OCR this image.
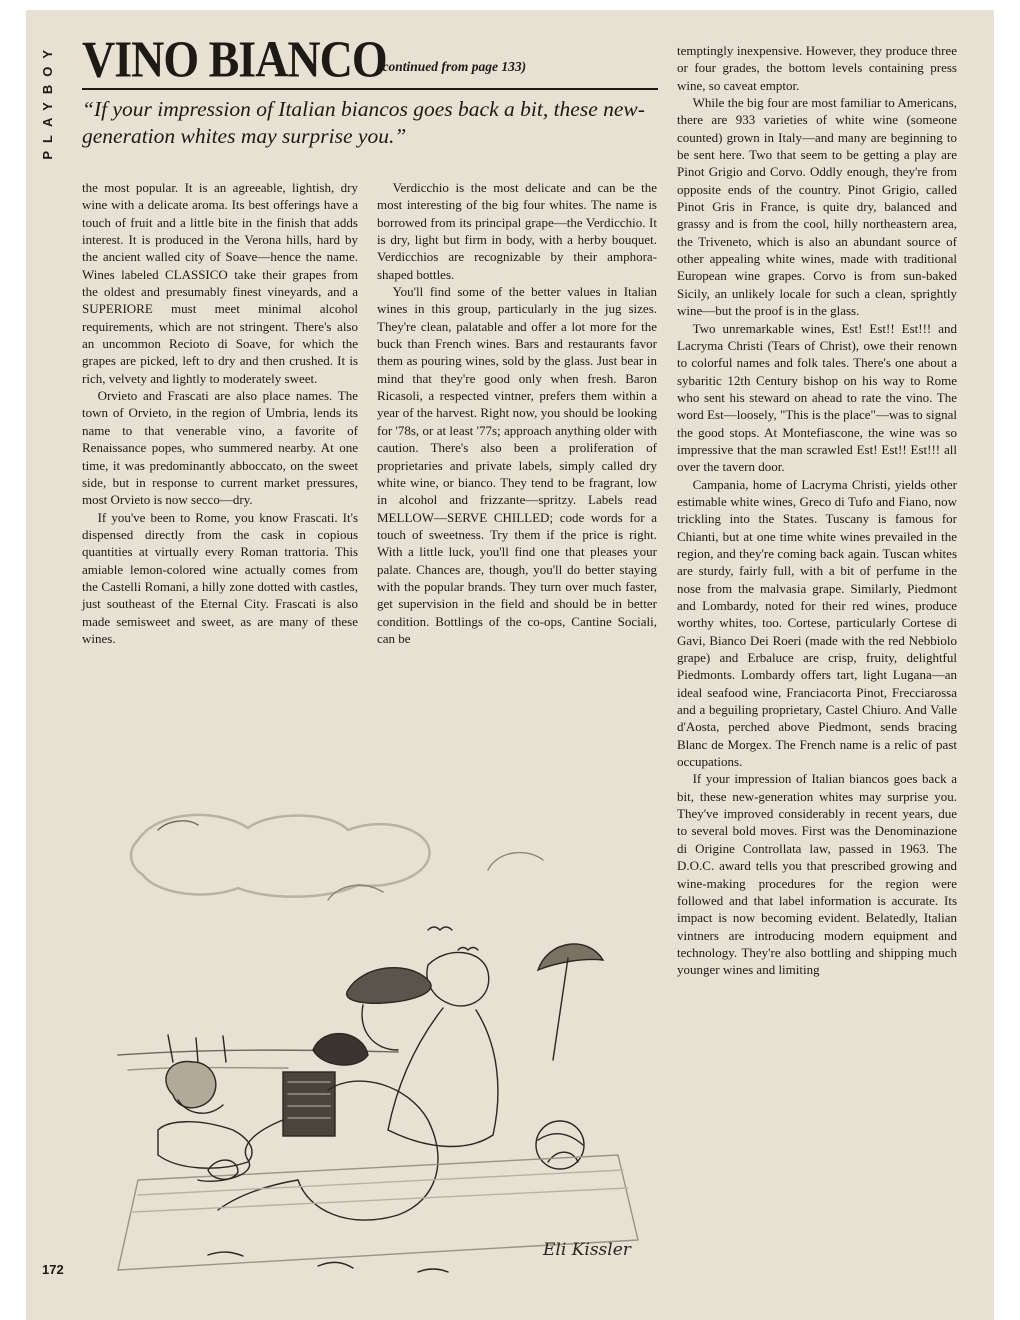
PLAYBOY VINO BIANCO
(continued from page 133)
“If your impression of Italian biancos goes back a bit, these new-generation whites may surprise you.”

the most popular. It is an agreeable, lightish, dry wine with a delicate aroma. Its best offerings have a touch of fruit and a little bite in the finish that adds interest. It is produced in the Verona hills, hard by the ancient walled city of Soave—hence the name. Wines labeled CLASSICO take their grapes from the oldest and presumably finest vineyards, and a SUPERIORE must meet minimal alcohol requirements, which are not stringent. There's also an uncommon Recioto di Soave, for which the grapes are picked, left to dry and then crushed. It is rich, velvety and lightly to moderately sweet.

Orvieto and Frascati are also place names. The town of Orvieto, in the region of Umbria, lends its name to that venerable vino, a favorite of Renaissance popes, who summered nearby. At one time, it was predominantly abboccato, on the sweet side, but in response to current market pressures, most Orvieto is now secco—dry.

If you've been to Rome, you know Frascati. It's dispensed directly from the cask in copious quantities at virtually every Roman trattoria. This amiable lemon-colored wine actually comes from the Castelli Romani, a hilly zone dotted with castles, just southeast of the Eternal City. Frascati is also made semisweet and sweet, as are many of these wines.

Verdicchio is the most delicate and can be the most interesting of the big four whites. The name is borrowed from its principal grape—the Verdicchio. It is dry, light but firm in body, with a herby bouquet. Verdicchios are recognizable by their amphora-shaped bottles.

You'll find some of the better values in Italian wines in this group, particularly in the jug sizes. They're clean, palatable and offer a lot more for the buck than French wines. Bars and restaurants favor them as pouring wines, sold by the glass. Just bear in mind that they're good only when fresh. Baron Ricasoli, a respected vintner, prefers them within a year of the harvest. Right now, you should be looking for '78s, or at least '77s; approach anything older with caution. There's also been a proliferation of proprietaries and private labels, simply called dry white wine, or bianco. They tend to be fragrant, low in alcohol and frizzante—spritzy. Labels read MELLOW—SERVE CHILLED; code words for a touch of sweetness. Try them if the price is right. With a little luck, you'll find one that pleases your palate. Chances are, though, you'll do better staying with the popular brands. They turn over much faster, get supervision in the field and should be in better condition. Bottlings of the co-ops, Cantine Sociali, can be

temptingly inexpensive. However, they produce three or four grades, the bottom levels containing press wine, so caveat emptor.

While the big four are most familiar to Americans, there are 933 varieties of white wine (someone counted) grown in Italy—and many are beginning to be sent here. Two that seem to be getting a play are Pinot Grigio and Corvo. Oddly enough, they're from opposite ends of the country. Pinot Grigio, called Pinot Gris in France, is quite dry, balanced and grassy and is from the cool, hilly northeastern area, the Triveneto, which is also an abundant source of other appealing white wines, made with traditional European wine grapes. Corvo is from sun-baked Sicily, an unlikely locale for such a clean, sprightly wine—but the proof is in the glass.

Two unremarkable wines, Est! Est!! Est!!! and Lacryma Christi (Tears of Christ), owe their renown to colorful names and folk tales. There's one about a sybaritic 12th Century bishop on his way to Rome who sent his steward on ahead to rate the vino. The word Est—loosely, "This is the place"—was to signal the good stops. At Montefiascone, the wine was so impressive that the man scrawled Est! Est!! Est!!! all over the tavern door.

Campania, home of Lacryma Christi, yields other estimable white wines, Greco di Tufo and Fiano, now trickling into the States. Tuscany is famous for Chianti, but at one time white wines prevailed in the region, and they're coming back again. Tuscan whites are sturdy, fairly full, with a bit of perfume in the nose from the malvasia grape. Similarly, Piedmont and Lombardy, noted for their red wines, produce worthy whites, too. Cortese, particularly Cortese di Gavi, Bianco Dei Roeri (made with the red Nebbiolo grape) and Erbaluce are crisp, fruity, delightful Piedmonts. Lombardy offers tart, light Lugana—an ideal seafood wine, Franciacorta Pinot, Frecciarossa and a beguiling proprietary, Castel Chiuro. And Valle d'Aosta, perched above Piedmont, sends bracing Blanc de Morgex. The French name is a relic of past occupations.

If your impression of Italian biancos goes back a bit, these new-generation whites may surprise you. They've improved considerably in recent years, due to several bold moves. First was the Denominazione di Origine Controllata law, passed in 1963. The D.O.C. award tells you that prescribed growing and wine-making procedures for the region were followed and that label information is accurate. Its impact is now becoming evident. Belatedly, Italian vintners are introducing modern equipment and technology. They're also bottling and shipping much younger wines and limiting

Eli Kissler
172
